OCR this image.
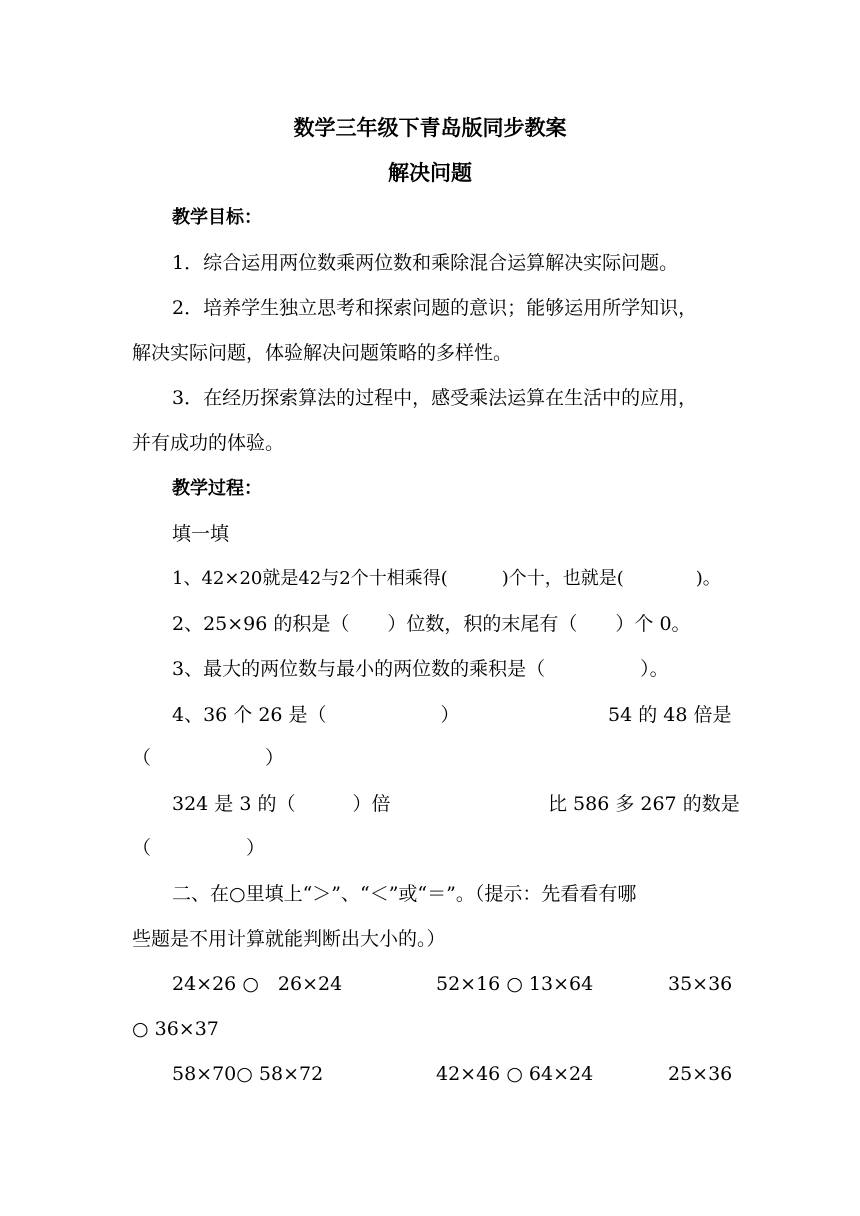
数学三年级下青岛版同步教案
解决问题
教学目标：
1．综合运用两位数乘两位数和乘除混合运算解决实际问题。
2．培养学生独立思考和探索问题的意识；能够运用所学知识，
解决实际问题，体验解决问题策略的多样性。
3．在经历探索算法的过程中，感受乘法运算在生活中的应用，
并有成功的体验。
教学过程：
填一填
1、42×20就是42与2个十相乘得(　　　)个十，也就是(　　　　)。
2、25×96 的积是（　　）位数，积的末尾有（　　）个 0。
3、最大的两位数与最小的两位数的乘积是（　　　　　）。
4、36 个 26 是（　　　　　　）	54 的 48 倍是
（　　　　　　）
324 是 3 的（　　　）倍	比 586 多 267 的数是
（　　　　　）
二、在○里填上“＞”、“＜”或“＝”。（提示：先看看有哪
些题是不用计算就能判断出大小的。）
24×26 ○　26×24	52×16 ○ 13×64	35×36
○ 36×37
58×70○ 58×72	42×46 ○ 64×24	25×36
